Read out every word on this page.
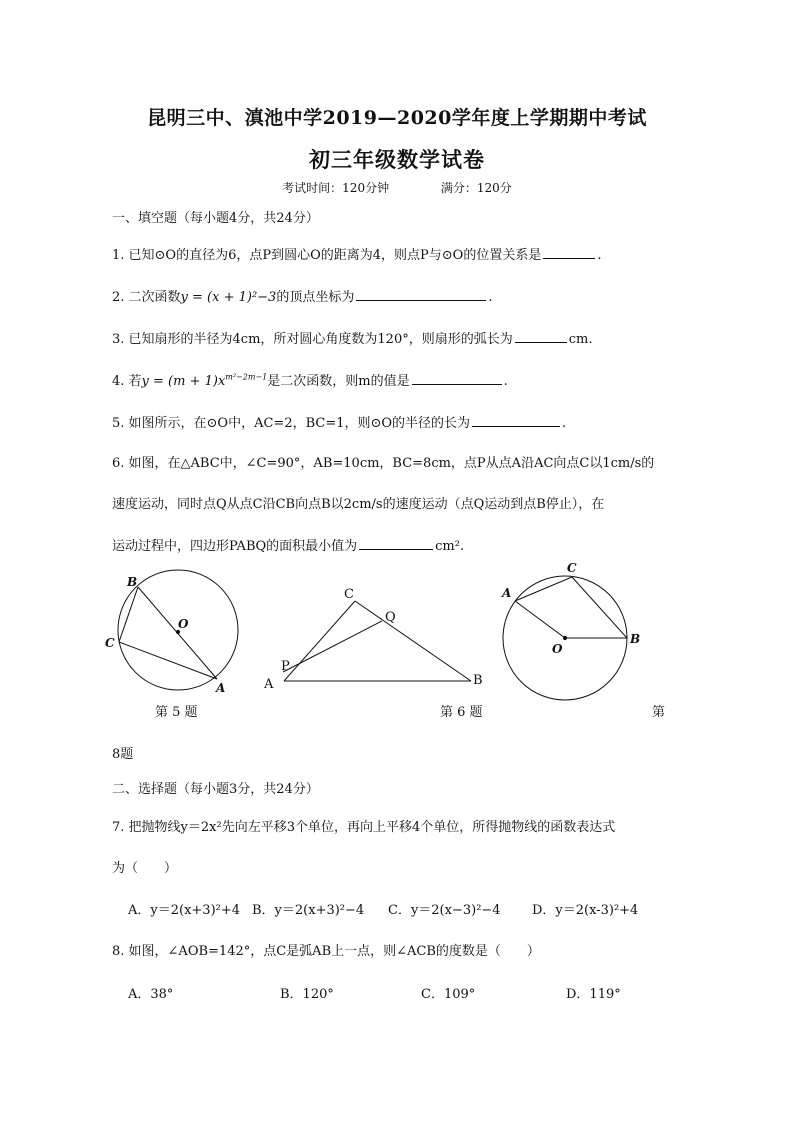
昆明三中、滇池中学2019—2020学年度上学期期中考试
初三年级数学试卷
考试时间：120分钟	满分：120分
一、填空题（每小题4分，共24分）
1. 已知⊙O的直径为6，点P到圆心O的距离为4，则点P与⊙O的位置关系是	.
2. 二次函数y = (x + 1)²−3的顶点坐标为	.
3. 已知扇形的半径为4cm，所对圆心角度数为120°，则扇形的弧长为	cm.
4. 若$y = (m + 1)x^{m^2-2m-1}$是二次函数，则m的值是	.
5. 如图所示，在⊙O中，AC=2，BC=1，则⊙O的半径的长为	.
6. 如图，在△ABC中，∠C=90°，AB=10cm，BC=8cm，点P从点A沿AC向点C以1cm/s的
速度运动，同时点Q从点C沿CB向点B以2cm/s的速度运动（点Q运动到点B停止），在
运动过程中，四边形PABQ的面积最小值为	cm².
B
C
O
A
C
Q
P
A	B
C
A
O
B
第 5 题	第 6 题	第
8题
二、选择题（每小题3分，共24分）
7. 把抛物线y＝2x²先向左平移3个单位，再向上平移4个单位，所得抛物线的函数表达式
为（　　）
A．y＝2(x+3)²+4 B．y＝2(x+3)²−4 C．y＝2(x−3)²−4 D．y＝2(x-3)²+4
8. 如图，∠AOB=142°，点C是弧AB上一点，则∠ACB的度数是（　　）
A．38°	B．120°	C．109°	D．119°
